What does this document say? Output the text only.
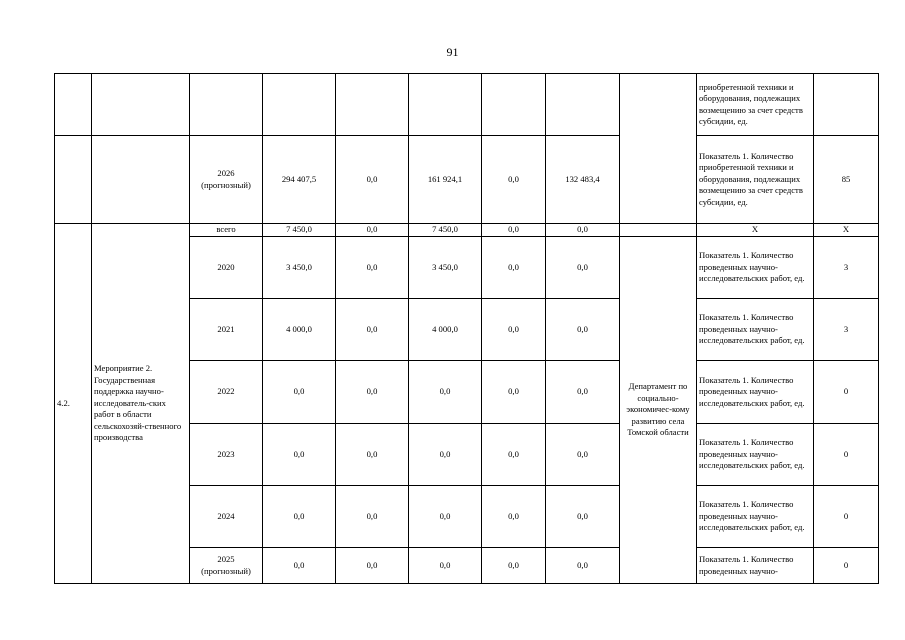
91
									приобретенной техники и оборудования, подлежащих возмещению за счет средств субсидии, ед.	
		2026 (прогнозный)	294 407,5	0,0	161 924,1	0,0	132 483,4		Показатель 1. Количество приобретенной техники и оборудования, подлежащих возмещению за счет средств субсидии, ед.	85
4.2.	Мероприятие 2. Государственная поддержка научно-исследователь-ских работ в области сельскохозяй-ственного производства	всего	7 450,0	0,0	7 450,0	0,0	0,0		Х	Х
		2020	3 450,0	0,0	3 450,0	0,0	0,0	Департамент по социально-экономичес-кому развитию села Томской области	Показатель 1. Количество проведенных научно-исследовательских работ, ед.	3
		2021	4 000,0	0,0	4 000,0	0,0	0,0		Показатель 1. Количество проведенных научно-исследовательских работ, ед.	3
		2022	0,0	0,0	0,0	0,0	0,0		Показатель 1. Количество проведенных научно-исследовательских работ, ед.	0
		2023	0,0	0,0	0,0	0,0	0,0		Показатель 1. Количество проведенных научно-исследовательских работ, ед.	0
		2024	0,0	0,0	0,0	0,0	0,0		Показатель 1. Количество проведенных научно-исследовательских работ, ед.	0
		2025 (прогнозный)	0,0	0,0	0,0	0,0	0,0		Показатель 1. Количество проведенных научно-	0
